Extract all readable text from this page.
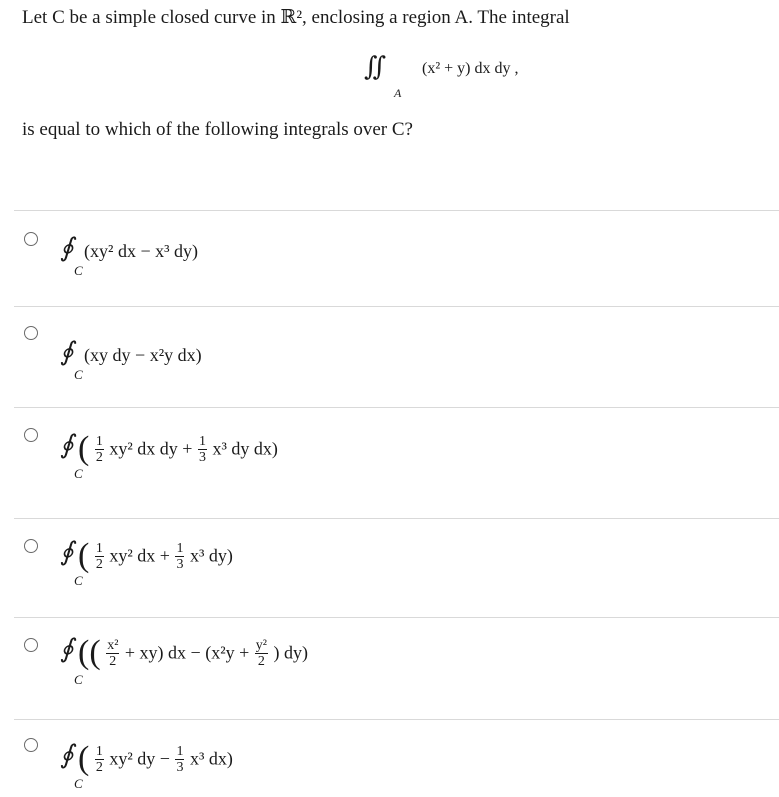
Let C be a simple closed curve in ℝ², enclosing a region A. The integral
∬
A
(x² + y) dx dy ,
is equal to which of the following integrals over C?
∮
C
(xy² dx − x³ dy)
∮
C
(xy dy − x²y dx)
∮
C
( $\frac{1}{2} xy^2$ dx dy + $\frac{1}{3} x^3$ dy dx)
∮
C
( $\frac{1}{2} xy^2$ dx + $\frac{1}{3} x^3$ dy)
∮
C
(( $\frac{\text{x²}}{2} + xy$) dx − ($x^2y + \frac{\text{y²}}{2}$ ) dy)
∮
C
( $\frac{1}{2} xy^2$ dy − $\frac{1}{3} x^3$ dx)
